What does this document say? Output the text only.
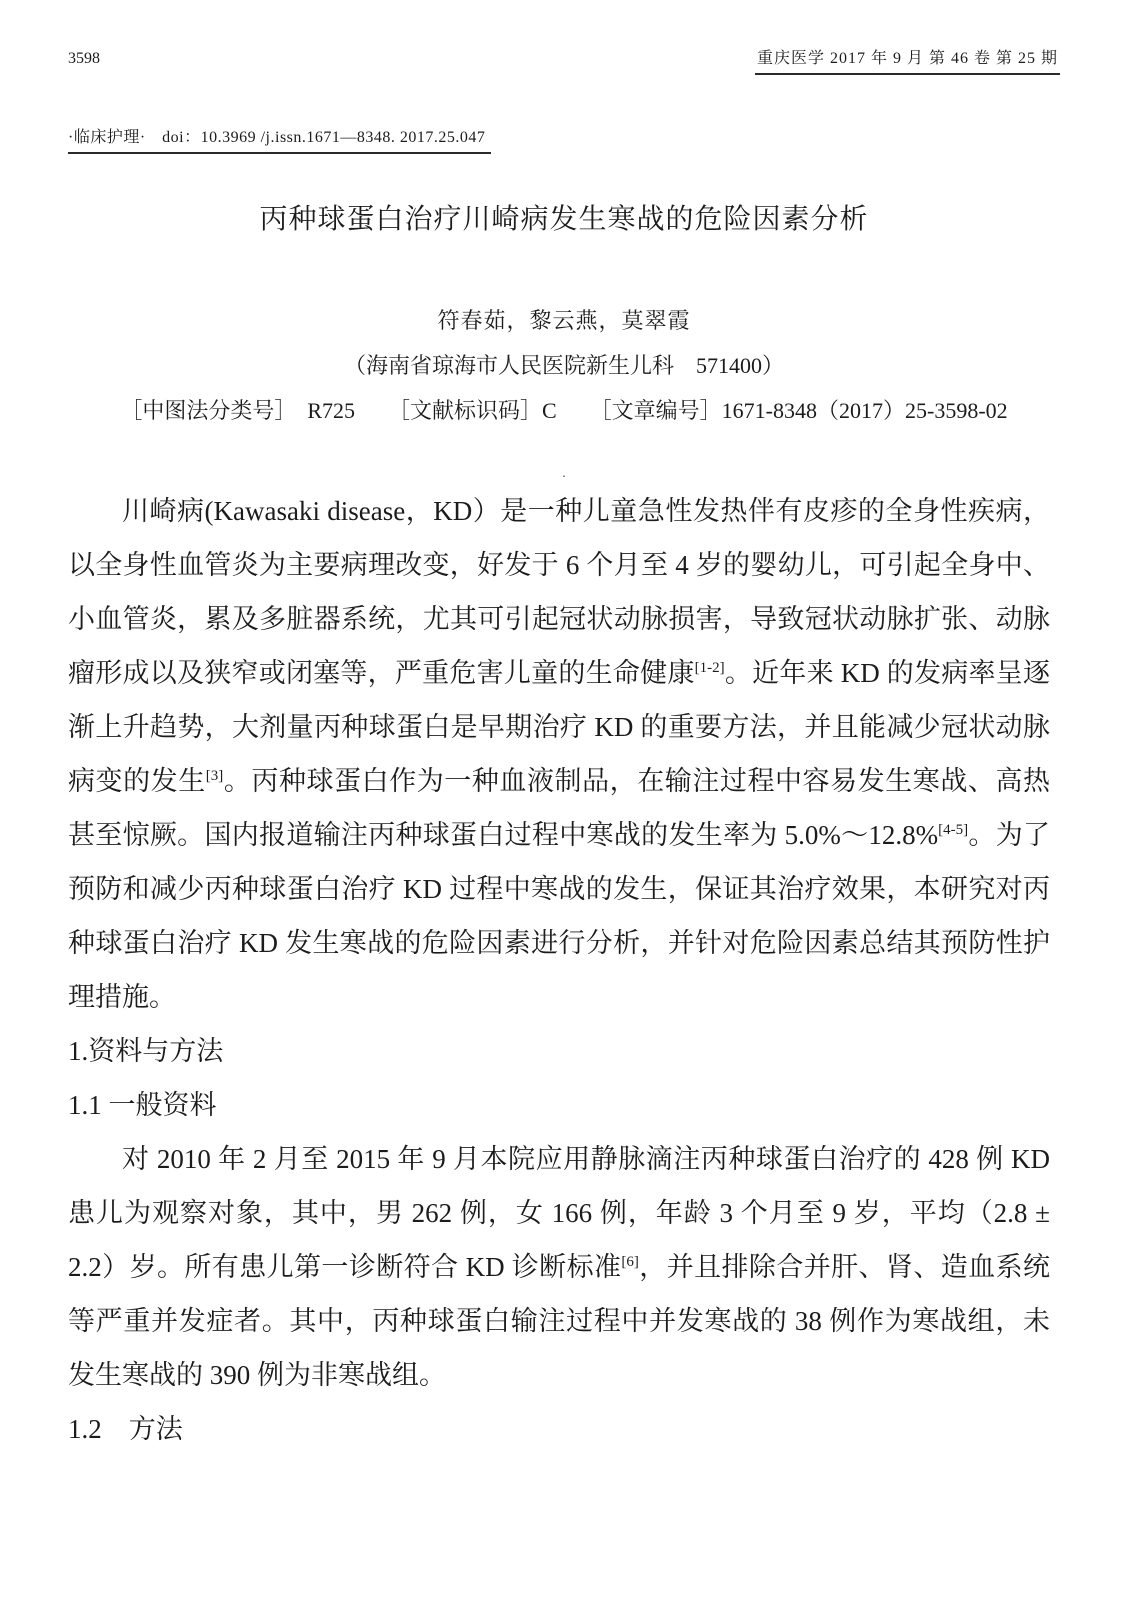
3598	重庆医学 2017 年 9 月 第 46 卷 第 25 期
·临床护理·　doi：10.3969 /j.issn.1671—8348. 2017.25.047
丙种球蛋白治疗川崎病发生寒战的危险因素分析
符春茹，黎云燕，莫翠霞
（海南省琼海市人民医院新生儿科　571400）
［中图法分类号］　R725　　［文献标识码］C　　［文章编号］1671-8348（2017）25-3598-02
.
川崎病(Kawasaki disease，KD）是一种儿童急性发热伴有皮疹的全身性疾病，以全身性血管炎为主要病理改变，好发于 6 个月至 4 岁的婴幼儿，可引起全身中、小血管炎，累及多脏器系统，尤其可引起冠状动脉损害，导致冠状动脉扩张、动脉瘤形成以及狭窄或闭塞等，严重危害儿童的生命健康[1-2]。近年来 KD 的发病率呈逐渐上升趋势，大剂量丙种球蛋白是早期治疗 KD 的重要方法，并且能减少冠状动脉病变的发生[3]。丙种球蛋白作为一种血液制品，在输注过程中容易发生寒战、高热甚至惊厥。国内报道输注丙种球蛋白过程中寒战的发生率为 5.0%～12.8%[4-5]。为了预防和减少丙种球蛋白治疗 KD 过程中寒战的发生，保证其治疗效果，本研究对丙种球蛋白治疗 KD 发生寒战的危险因素进行分析，并针对危险因素总结其预防性护理措施。
1.资料与方法
1.1 一般资料
对 2010 年 2 月至 2015 年 9 月本院应用静脉滴注丙种球蛋白治疗的 428 例 KD 患儿为观察对象，其中，男 262 例，女 166 例，年龄 3 个月至 9 岁，平均（2.8 ± 2.2）岁。所有患儿第一诊断符合 KD 诊断标准[6]，并且排除合并肝、肾、造血系统等严重并发症者。其中，丙种球蛋白输注过程中并发寒战的 38 例作为寒战组，未发生寒战的 390 例为非寒战组。
1.2　方法
